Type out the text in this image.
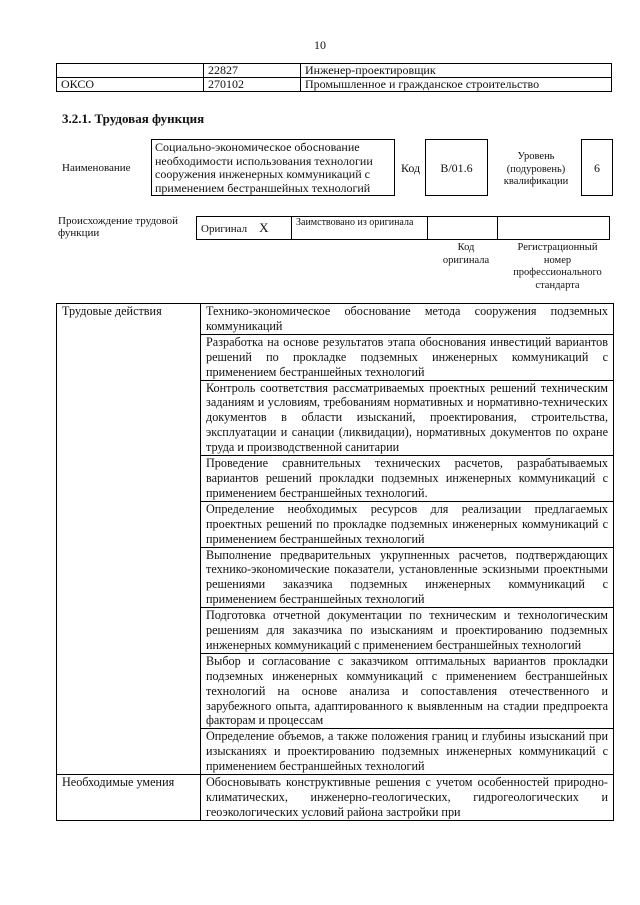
10
	22827	Инженер-проектировщик
ОКСО	270102	Промышленное и гражданское строительство
3.2.1. Трудовая функция
Наименование
Социально-экономическое обоснование необходимости использования технологии сооружения инженерных коммуникаций с применением бестраншейных технологий
Код	В/01.6
Уровень (подуровень) квалификации
6
Происхождение трудовой функции	Оригинал X	Заимствовано из оригинала		
Код оригинала
Регистрационный номер профессионального стандарта
Трудовые действия	Технико-экономическое обоснование метода сооружения подземных коммуникаций
	Разработка на основе результатов этапа обоснования инвестиций вариантов решений по прокладке подземных инженерных коммуникаций с применением бестраншейных технологий
	Контроль соответствия рассматриваемых проектных решений техническим заданиям и условиям, требованиям нормативных и нормативно-технических документов в области изысканий, проектирования, строительства, эксплуатации и санации (ликвидации), нормативных документов по охране труда и производственной санитарии
	Проведение сравнительных технических расчетов, разрабатываемых вариантов решений прокладки подземных инженерных коммуникаций с применением бестраншейных технологий.
	Определение необходимых ресурсов для реализации предлагаемых проектных решений по прокладке подземных инженерных коммуникаций с применением бестраншейных технологий
	Выполнение предварительных укрупненных расчетов, подтверждающих технико-экономические показатели, установленные эскизными проектными решениями заказчика подземных инженерных коммуникаций с применением бестраншейных технологий
	Подготовка отчетной документации по техническим и технологическим решениям для заказчика по изысканиям и проектированию подземных инженерных коммуникаций с применением бестраншейных технологий
	Выбор и согласование с заказчиком оптимальных вариантов прокладки подземных инженерных коммуникаций с применением бестраншейных технологий на основе анализа и сопоставления отечественного и зарубежного опыта, адаптированного к выявленным на стадии предпроекта факторам и процессам
	Определение объемов, а также положения границ и глубины изысканий при изысканиях и проектированию подземных инженерных коммуникаций с применением бестраншейных технологий
Необходимые умения	Обосновывать конструктивные решения с учетом особенностей природно-климатических, инженерно-геологических, гидрогеологических и геоэкологических условий района застройки при
